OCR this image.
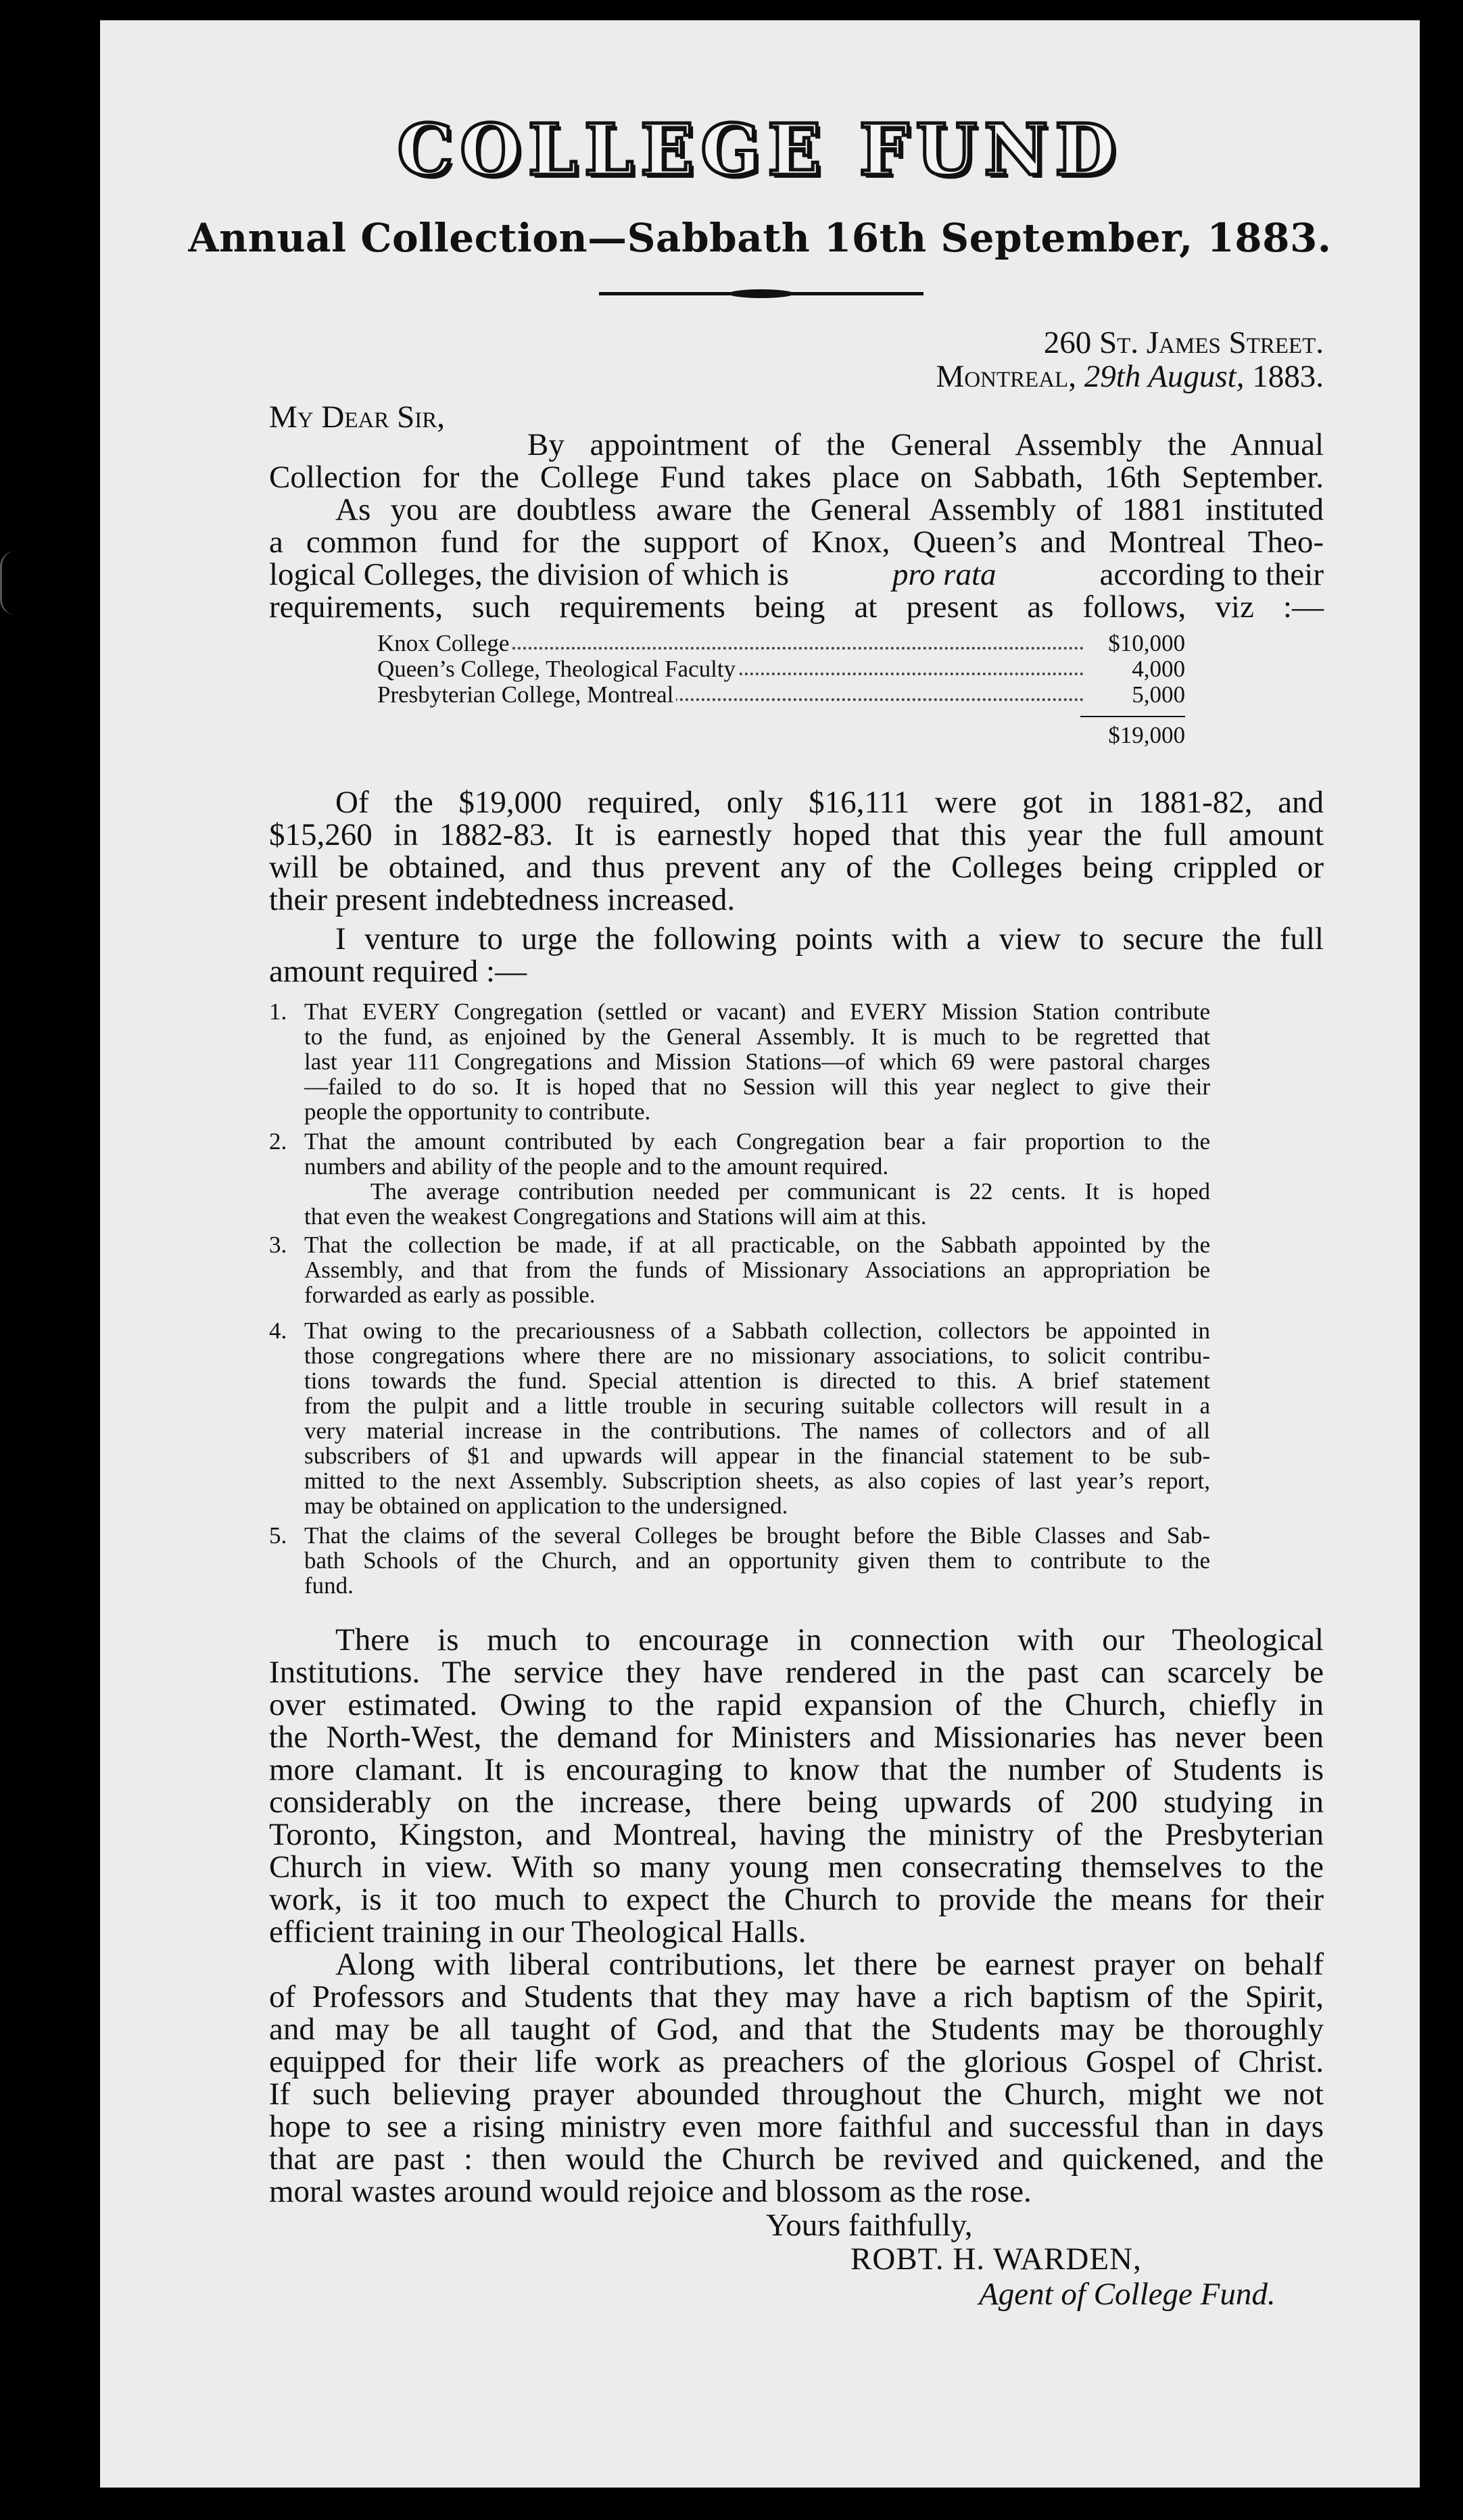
COLLEGE FUND
Annual Collection—Sabbath 16th September, 1883.
260 St. James Street.
Montreal, 29th August, 1883.
My Dear Sir,
By appointment of the General Assembly the Annual
Collection for the College Fund takes place on Sabbath, 16th September.
As you are doubtless aware the General Assembly of 1881 instituted
a common fund for the support of Knox, Queen’s and Montreal Theo-
logical Colleges, the division of which is	pro rata	according to their
requirements, such requirements being at present as follows, viz :—
Knox College	$10,000
Queen’s College, Theological Faculty	4,000
Presbyterian College, Montreal	5,000
$19,000
Of the $19,000 required, only $16,111 were got in 1881-82, and
$15,260 in 1882-83. It is earnestly hoped that this year the full amount
will be obtained, and thus prevent any of the Colleges being crippled or
their present indebtedness increased.
I venture to urge the following points with a view to secure the full
amount required :—
1. That EVERY Congregation (settled or vacant) and EVERY Mission Station contribute
to the fund, as enjoined by the General Assembly. It is much to be regretted that
last year 111 Congregations and Mission Stations—of which 69 were pastoral charges
—failed to do so. It is hoped that no Session will this year neglect to give their
people the opportunity to contribute.
2. That the amount contributed by each Congregation bear a fair proportion to the
numbers and ability of the people and to the amount required.
The average contribution needed per communicant is 22 cents. It is hoped
that even the weakest Congregations and Stations will aim at this.
3. That the collection be made, if at all practicable, on the Sabbath appointed by the
Assembly, and that from the funds of Missionary Associations an appropriation be
forwarded as early as possible.
4. That owing to the precariousness of a Sabbath collection, collectors be appointed in
those congregations where there are no missionary associations, to solicit contribu-
tions towards the fund. Special attention is directed to this. A brief statement
from the pulpit and a little trouble in securing suitable collectors will result in a
very material increase in the contributions. The names of collectors and of all
subscribers of $1 and upwards will appear in the financial statement to be sub-
mitted to the next Assembly. Subscription sheets, as also copies of last year’s report,
may be obtained on application to the undersigned.
5. That the claims of the several Colleges be brought before the Bible Classes and Sab-
bath Schools of the Church, and an opportunity given them to contribute to the
fund.
There is much to encourage in connection with our Theological
Institutions. The service they have rendered in the past can scarcely be
over estimated. Owing to the rapid expansion of the Church, chiefly in
the North-West, the demand for Ministers and Missionaries has never been
more clamant. It is encouraging to know that the number of Students is
considerably on the increase, there being upwards of 200 studying in
Toronto, Kingston, and Montreal, having the ministry of the Presbyterian
Church in view. With so many young men consecrating themselves to the
work, is it too much to expect the Church to provide the means for their
efficient training in our Theological Halls.
Along with liberal contributions, let there be earnest prayer on behalf
of Professors and Students that they may have a rich baptism of the Spirit,
and may be all taught of God, and that the Students may be thoroughly
equipped for their life work as preachers of the glorious Gospel of Christ.
If such believing prayer abounded throughout the Church, might we not
hope to see a rising ministry even more faithful and successful than in days
that are past : then would the Church be revived and quickened, and the
moral wastes around would rejoice and blossom as the rose.
Yours faithfully,
ROBT. H. WARDEN,
Agent of College Fund.
